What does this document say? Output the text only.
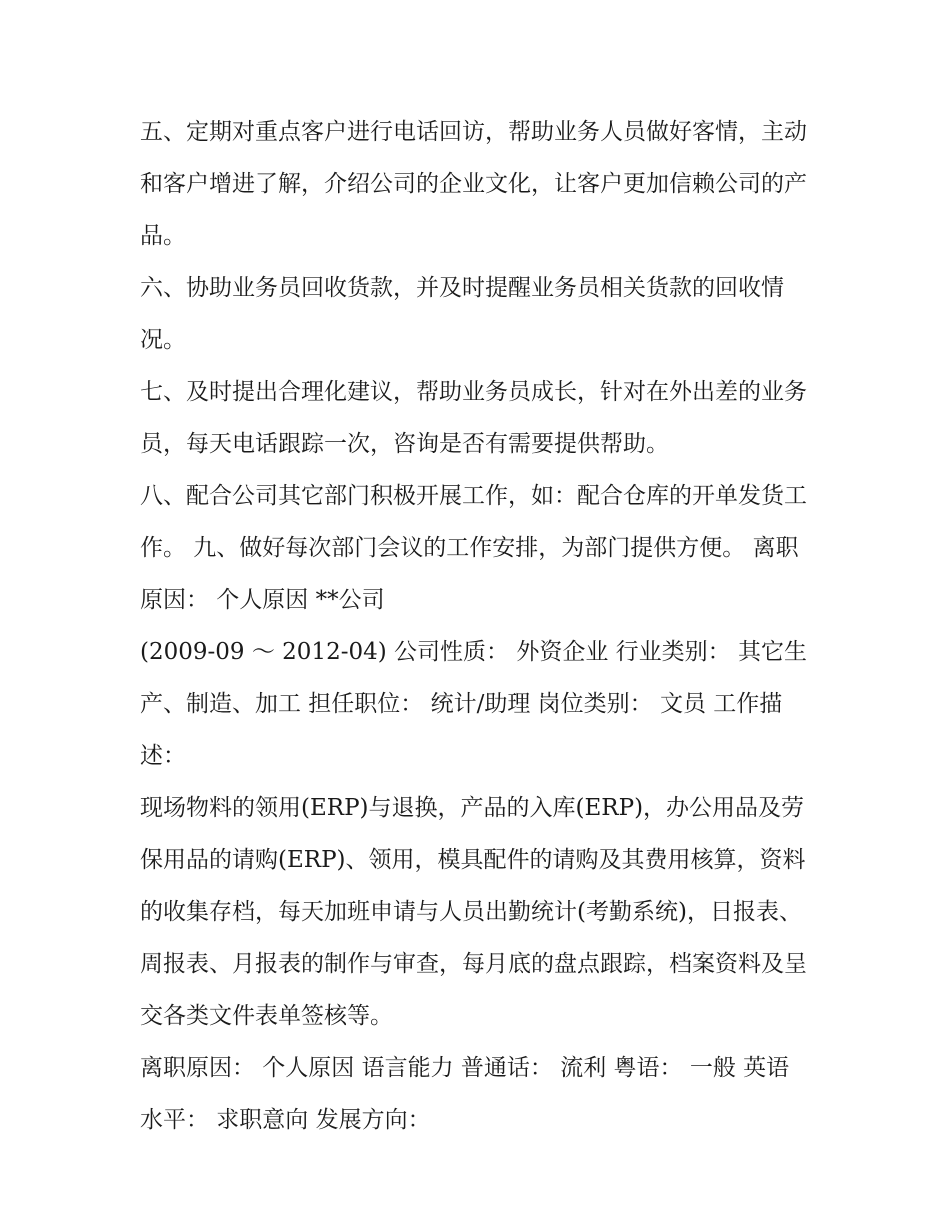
五、定期对重点客户进行电话回访，帮助业务人员做好客情，主动和客户增进了解，介绍公司的企业文化，让客户更加信赖公司的产品。

六、协助业务员回收货款，并及时提醒业务员相关货款的回收情况。

七、及时提出合理化建议，帮助业务员成长，针对在外出差的业务员，每天电话跟踪一次，咨询是否有需要提供帮助。

八、配合公司其它部门积极开展工作，如：配合仓库的开单发货工作。 九、做好每次部门会议的工作安排，为部门提供方便。 离职原因： 个人原因 **公司

(2009-09 ～ 2012-04) 公司性质： 外资企业 行业类别： 其它生产、制造、加工 担任职位： 统计/助理 岗位类别： 文员 工作描述：

现场物料的领用(ERP)与退换，产品的入库(ERP)，办公用品及劳保用品的请购(ERP)、领用，模具配件的请购及其费用核算，资料的收集存档，每天加班申请与人员出勤统计(考勤系统)，日报表、周报表、月报表的制作与审查，每月底的盘点跟踪，档案资料及呈交各类文件表单签核等。

离职原因： 个人原因 语言能力 普通话： 流利 粤语： 一般 英语水平： 求职意向 发展方向：
